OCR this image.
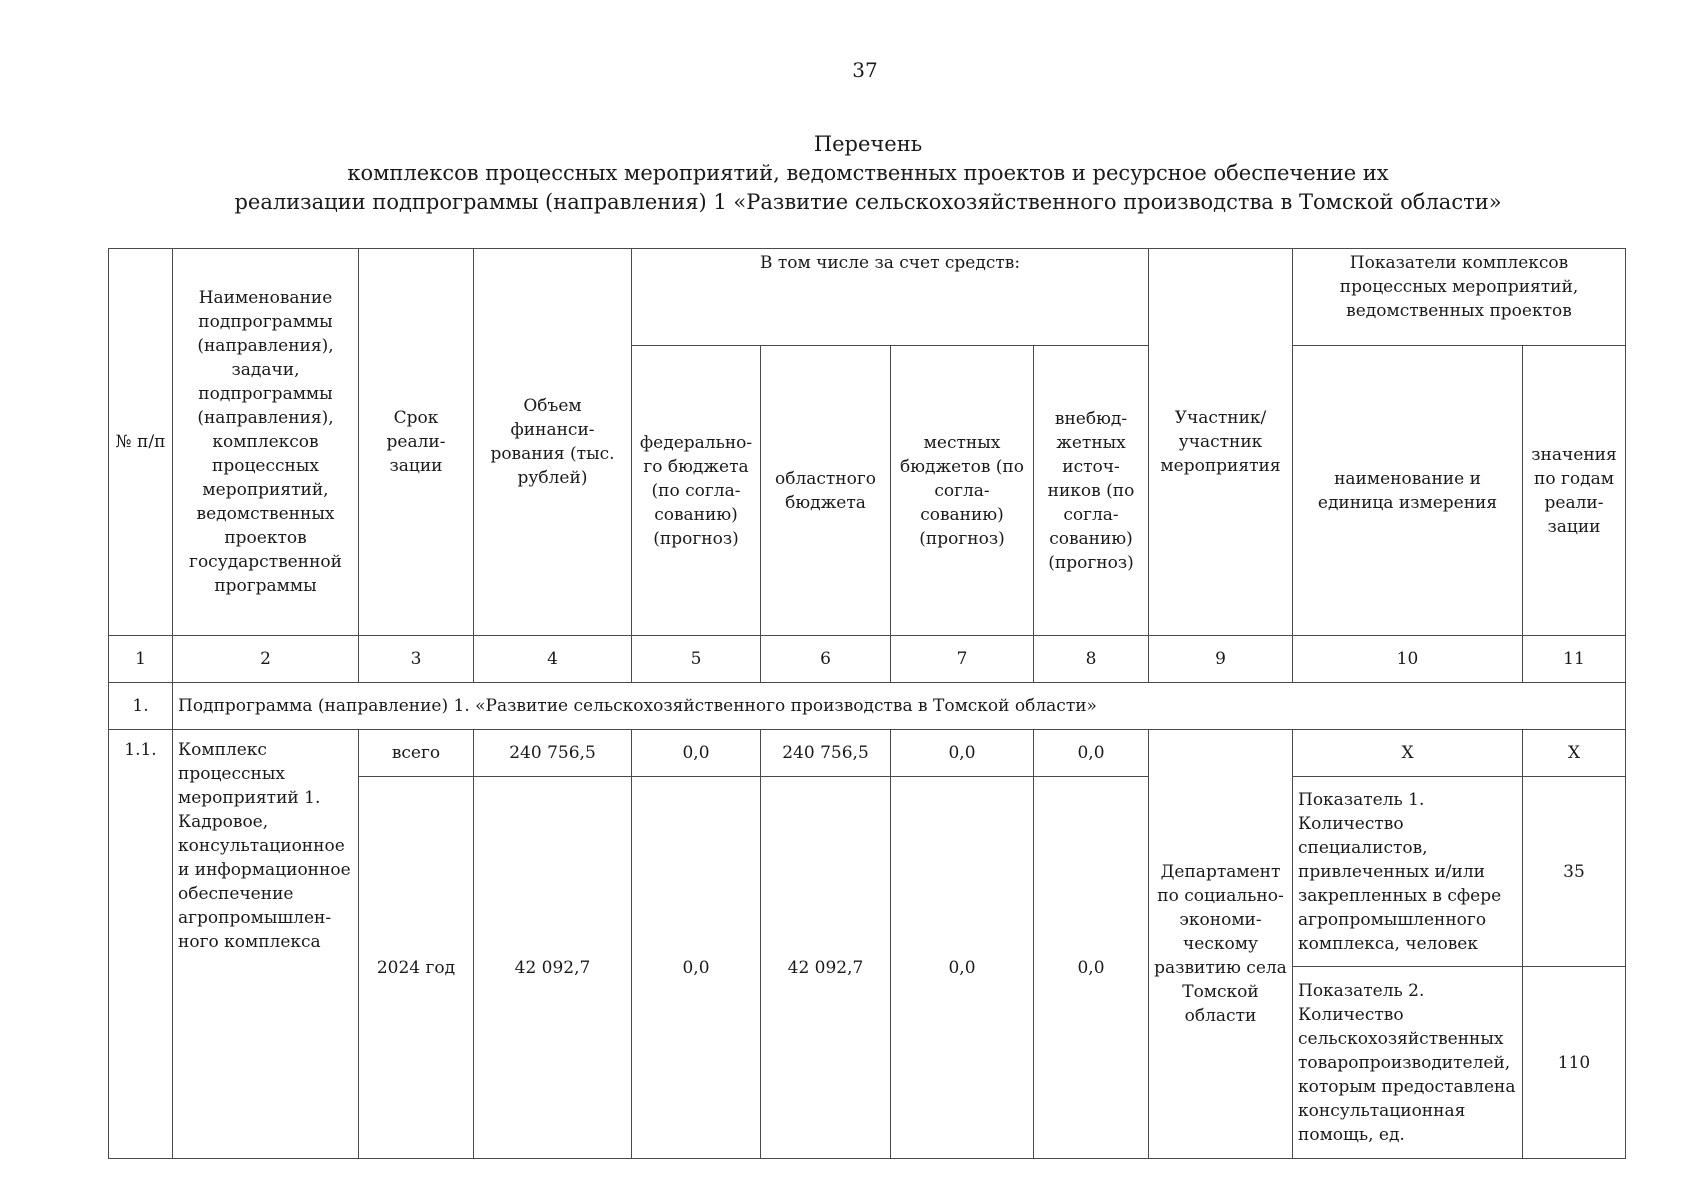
37
Перечень
комплексов процессных мероприятий, ведомственных проектов и ресурсное обеспечение их
реализации подпрограммы (направления) 1 «Развитие сельскохозяйственного производства в Томской области»
№ п/п	Наименование подпрограммы (направления), задачи, подпрограммы (направления), комплексов процессных мероприятий, ведомственных проектов государственной программы	Срок реали-зации	Объем финанси-рования (тыс. рублей)	В том числе за счет средств:				Участник/ участник мероприятия	Показатели комплексов процессных мероприятий, ведомственных проектов	
				федерально-го бюджета (по согла-сованию) (прогноз)	областного бюджета	местных бюджетов (по согла-сованию) (прогноз)	внебюд-жетных источ-ников (по согла-сованию) (прогноз)		наименование и единица измерения	значения по годам реали-зации
1	2	3	4	5	6	7	8	9	10	11
1.	Подпрограмма (направление) 1. «Развитие сельскохозяйственного производства в Томской области»									
1.1.	Комплекс процессных мероприятий 1. Кадровое, консультационное и информационное обеспечение агропромышлен-ного комплекса	всего	240 756,5	0,0	240 756,5	0,0	0,0	Департамент по социально-экономи-ческому развитию села Томской области	X	X
		2024 год	42 092,7	0,0	42 092,7	0,0	0,0		Показатель 1. Количество специалистов, привлеченных и/или закрепленных в сфере агропромышленного комплекса, человек	35
									Показатель 2. Количество сельскохозяйственных товаропроизводителей, которым предоставлена консультационная помощь, ед.	110
